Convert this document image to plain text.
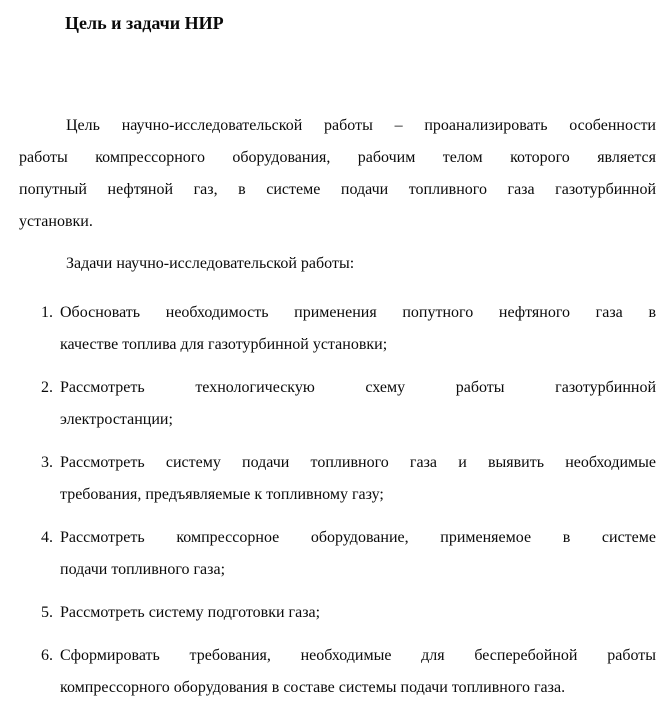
Цель и задачи НИР
Цель научно-исследовательской работы – проанализировать особенности
работы компрессорного оборудования, рабочим телом которого является
попутный нефтяной газ, в системе подачи топливного газа газотурбинной
установки.
Задачи научно-исследовательской работы:
1. Обосновать необходимость применения попутного нефтяного газа в
качестве топлива для газотурбинной установки;
2. Рассмотреть технологическую схему работы газотурбинной
электростанции;
3. Рассмотреть систему подачи топливного газа и выявить необходимые
требования, предъявляемые к топливному газу;
4. Рассмотреть компрессорное оборудование, применяемое в системе
подачи топливного газа;
5. Рассмотреть систему подготовки газа;
6. Сформировать требования, необходимые для бесперебойной работы
компрессорного оборудования в составе системы подачи топливного газа.
